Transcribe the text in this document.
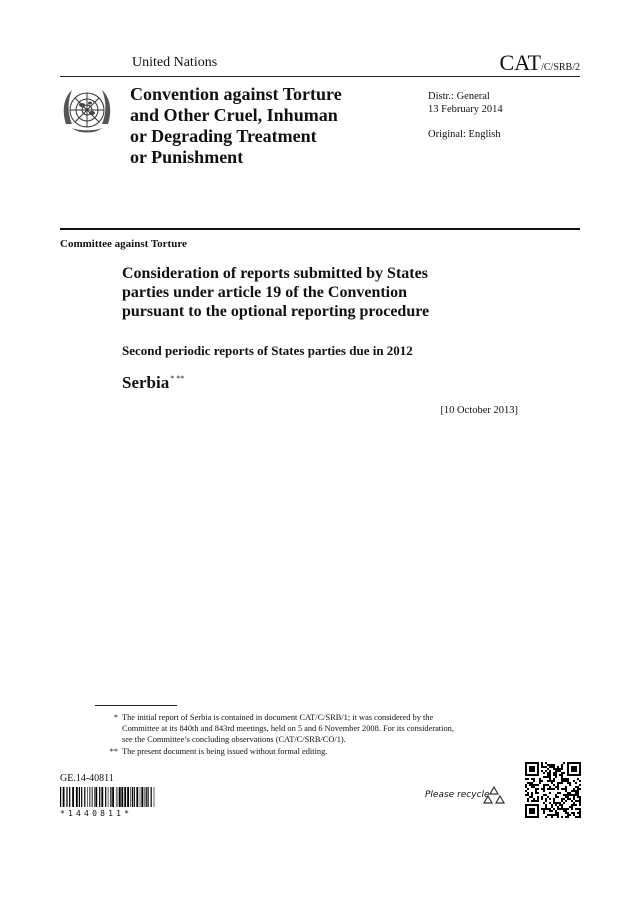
United Nations	CAT/C/SRB/2
Convention against Torture
and Other Cruel, Inhuman
or Degrading Treatment
or Punishment
Distr.: General
13 February 2014
Original: English
Committee against Torture
Consideration of reports submitted by States
parties under article 19 of the Convention
pursuant to the optional reporting procedure
Second periodic reports of States parties due in 2012
Serbia* **
[10 October 2013]
* The initial report of Serbia is contained in document CAT/C/SRB/1; it was considered by the
Committee at its 840th and 843rd meetings, held on 5 and 6 November 2008. For its consideration,
see the Committee’s concluding observations (CAT/C/SRB/CO/1).
** The present document is being issued without formal editing.
GE.14-40811
*1440811*
Please recycle
